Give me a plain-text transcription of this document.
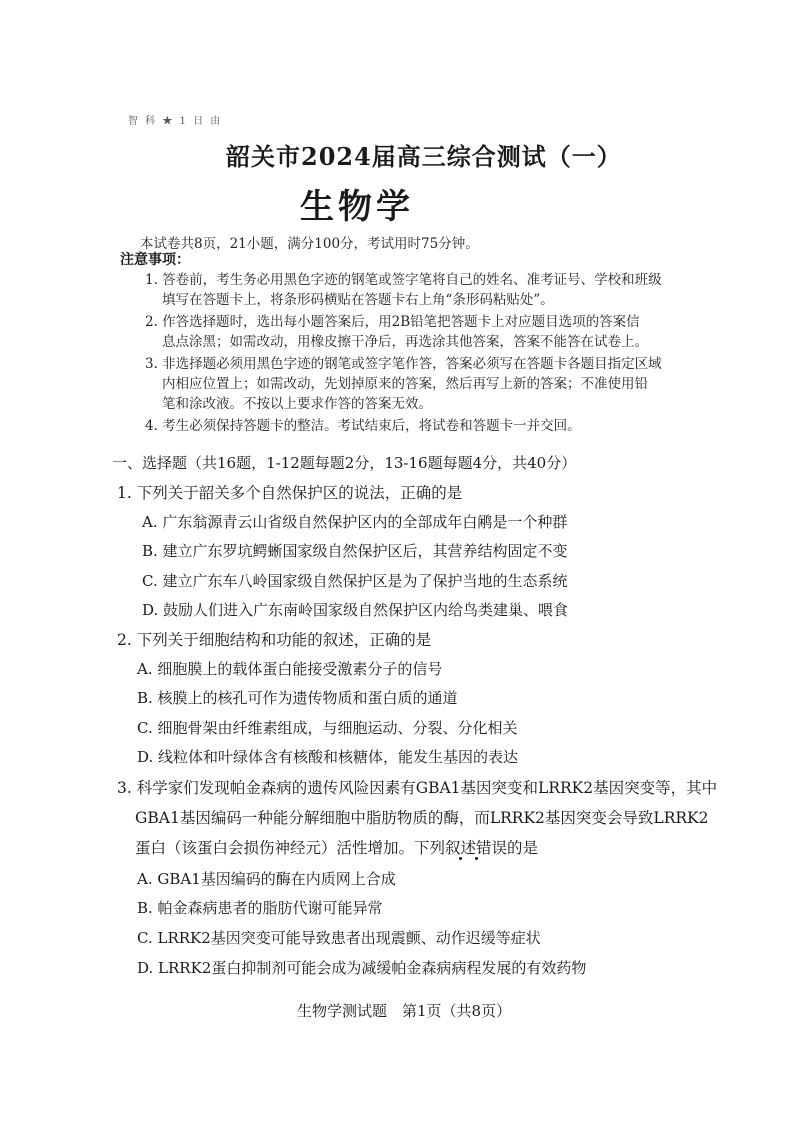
智 科 ★ 1 日 由
韶关市2024届高三综合测试（一）
生物学
本试卷共8页，21小题，满分100分，考试用时75分钟。
注意事项：
1. 答卷前，考生务必用黑色字迹的钢笔或签字笔将自己的姓名、准考证号、学校和班级
填写在答题卡上，将条形码横贴在答题卡右上角“条形码粘贴处”。
2. 作答选择题时，选出每小题答案后，用2B铅笔把答题卡上对应题目选项的答案信
息点涂黑；如需改动，用橡皮擦干净后，再选涂其他答案，答案不能答在试卷上。
3. 非选择题必须用黑色字迹的钢笔或签字笔作答，答案必须写在答题卡各题目指定区域
内相应位置上；如需改动，先划掉原来的答案，然后再写上新的答案；不准使用铅
笔和涂改液。不按以上要求作答的答案无效。
4. 考生必须保持答题卡的整洁。考试结束后，将试卷和答题卡一并交回。
一、选择题（共16题，1-12题每题2分，13-16题每题4分，共40分）
1. 下列关于韶关多个自然保护区的说法，正确的是
A. 广东翁源青云山省级自然保护区内的全部成年白鹇是一个种群
B. 建立广东罗坑鳄蜥国家级自然保护区后，其营养结构固定不变
C. 建立广东车八岭国家级自然保护区是为了保护当地的生态系统
D. 鼓励人们进入广东南岭国家级自然保护区内给鸟类建巢、喂食
2. 下列关于细胞结构和功能的叙述，正确的是
A. 细胞膜上的载体蛋白能接受激素分子的信号
B. 核膜上的核孔可作为遗传物质和蛋白质的通道
C. 细胞骨架由纤维素组成，与细胞运动、分裂、分化相关
D. 线粒体和叶绿体含有核酸和核糖体，能发生基因的表达
3. 科学家们发现帕金森病的遗传风险因素有GBA1基因突变和LRRK2基因突变等，其中
GBA1基因编码一种能分解细胞中脂肪物质的酶，而LRRK2基因突变会导致LRRK2
蛋白（该蛋白会损伤神经元）活性增加。下列叙述错误的是
A. GBA1基因编码的酶在内质网上合成
B. 帕金森病患者的脂肪代谢可能异常
C. LRRK2基因突变可能导致患者出现震颤、动作迟缓等症状
D. LRRK2蛋白抑制剂可能会成为减缓帕金森病病程发展的有效药物
生物学测试题　第1页（共8页）
